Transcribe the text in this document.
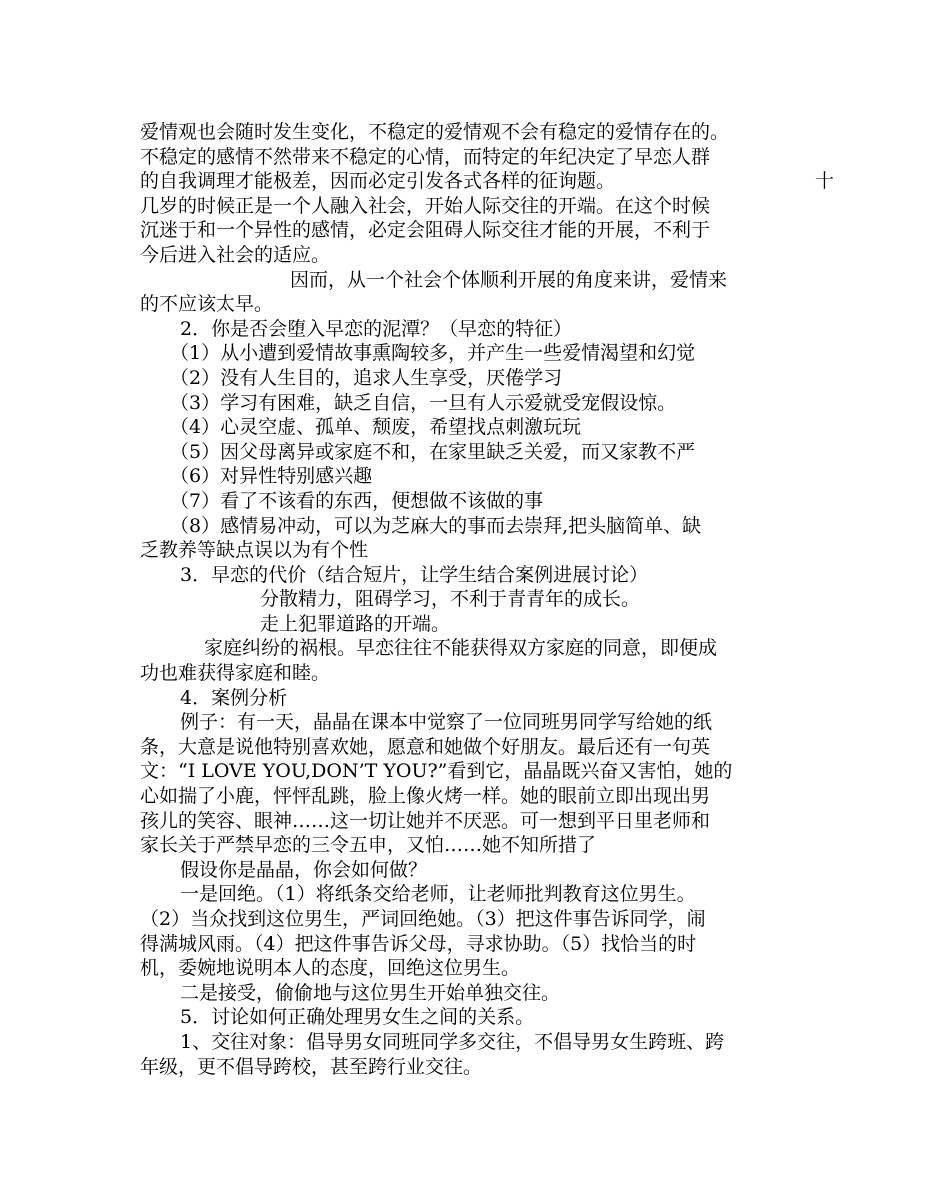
爱情观也会随时发生变化，不稳定的爱情观不会有稳定的爱情存在的。
不稳定的感情不然带来不稳定的心情，而特定的年纪决定了早恋人群
的自我调理才能极差，因而必定引发各式各样的征询题。	十
几岁的时候正是一个人融入社会，开始人际交往的开端。在这个时候
沉迷于和一个异性的感情，必定会阻碍人际交往才能的开展，不利于
今后进入社会的适应。
因而，从一个社会个体顺利开展的角度来讲，爱情来
的不应该太早。
2．你是否会堕入早恋的泥潭？（早恋的特征）
（1）从小遭到爱情故事熏陶较多，并产生一些爱情渴望和幻觉
（2）没有人生目的，追求人生享受，厌倦学习
（3）学习有困难，缺乏自信，一旦有人示爱就受宠假设惊。
（4）心灵空虚、孤单、颓废，希望找点刺激玩玩
（5）因父母离异或家庭不和，在家里缺乏关爱，而又家教不严
（6）对异性特别感兴趣
（7）看了不该看的东西，便想做不该做的事
（8）感情易冲动，可以为芝麻大的事而去崇拜,把头脑简单、缺
乏教养等缺点误以为有个性
3．早恋的代价（结合短片，让学生结合案例进展讨论）
分散精力，阻碍学习，不利于青青年的成长。
走上犯罪道路的开端。
家庭纠纷的祸根。早恋往往不能获得双方家庭的同意，即便成
功也难获得家庭和睦。
4．案例分析
例子：有一天，晶晶在课本中觉察了一位同班男同学写给她的纸
条，大意是说他特别喜欢她，愿意和她做个好朋友。最后还有一句英
文：“I LOVE YOU,DON’T YOU?”看到它，晶晶既兴奋又害怕，她的
心如揣了小鹿，怦怦乱跳，脸上像火烤一样。她的眼前立即出现出男
孩儿的笑容、眼神……这一切让她并不厌恶。可一想到平日里老师和
家长关于严禁早恋的三令五申，又怕……她不知所措了
假设你是晶晶，你会如何做？
一是回绝。（1）将纸条交给老师，让老师批判教育这位男生。
（2）当众找到这位男生，严词回绝她。（3）把这件事告诉同学，闹
得满城风雨。（4）把这件事告诉父母，寻求协助。（5）找恰当的时
机，委婉地说明本人的态度，回绝这位男生。
二是接受，偷偷地与这位男生开始单独交往。
5．讨论如何正确处理男女生之间的关系。
1、交往对象：倡导男女同班同学多交往，不倡导男女生跨班、跨
年级，更不倡导跨校，甚至跨行业交往。
